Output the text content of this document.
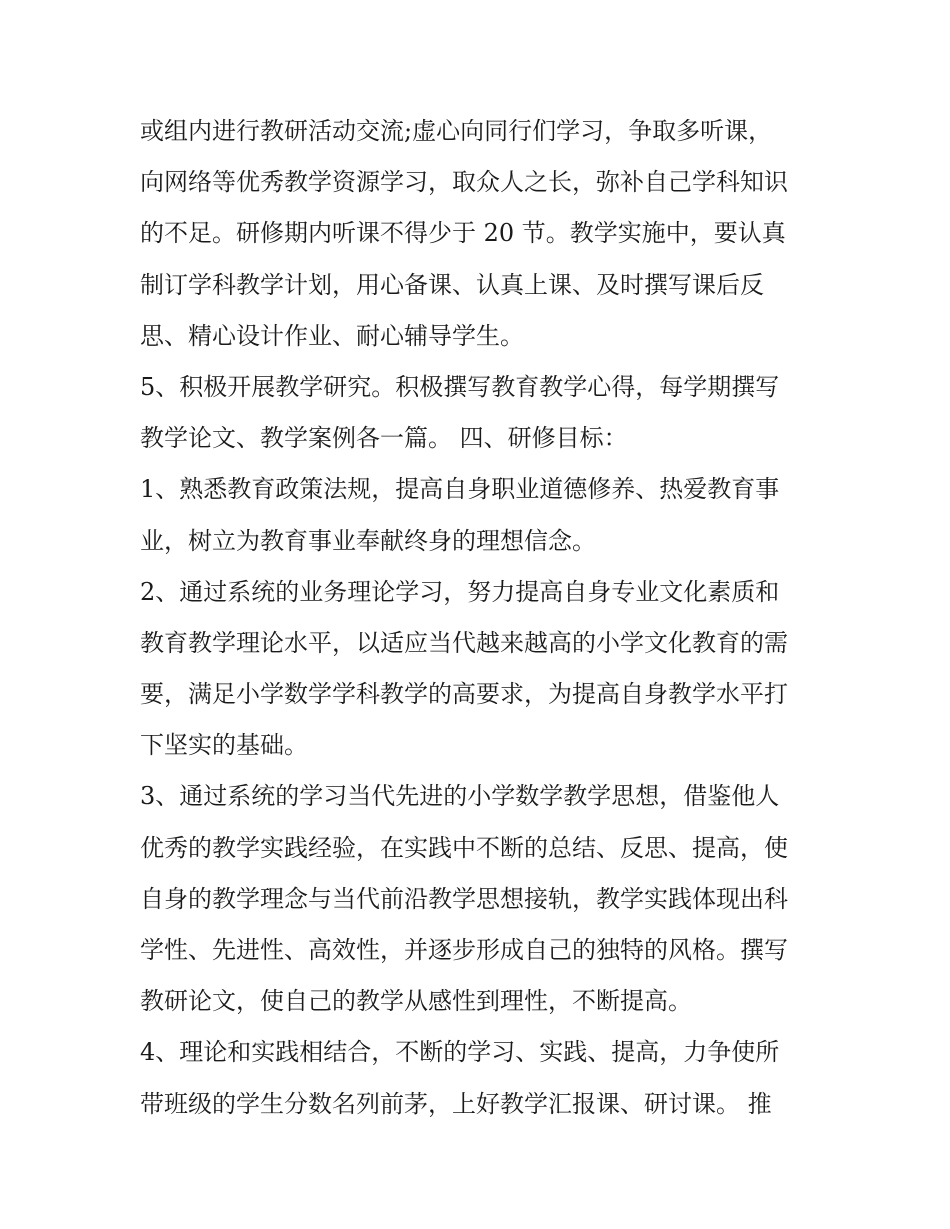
或组内进行教研活动交流;虚心向同行们学习，争取多听课，
向网络等优秀教学资源学习，取众人之长，弥补自己学科知识
的不足。研修期内听课不得少于 20 节。教学实施中，要认真
制订学科教学计划，用心备课、认真上课、及时撰写课后反
思、精心设计作业、耐心辅导学生。
5、积极开展教学研究。积极撰写教育教学心得，每学期撰写
教学论文、教学案例各一篇。 四、研修目标：
1、熟悉教育政策法规，提高自身职业道德修养、热爱教育事
业，树立为教育事业奉献终身的理想信念。
2、通过系统的业务理论学习，努力提高自身专业文化素质和
教育教学理论水平，以适应当代越来越高的小学文化教育的需
要，满足小学数学学科教学的高要求，为提高自身教学水平打
下坚实的基础。
3、通过系统的学习当代先进的小学数学教学思想，借鉴他人
优秀的教学实践经验，在实践中不断的总结、反思、提高，使
自身的教学理念与当代前沿教学思想接轨，教学实践体现出科
学性、先进性、高效性，并逐步形成自己的独特的风格。撰写
教研论文，使自己的教学从感性到理性，不断提高。
4、理论和实践相结合，不断的学习、实践、提高，力争使所
带班级的学生分数名列前茅，上好教学汇报课、研讨课。 推
